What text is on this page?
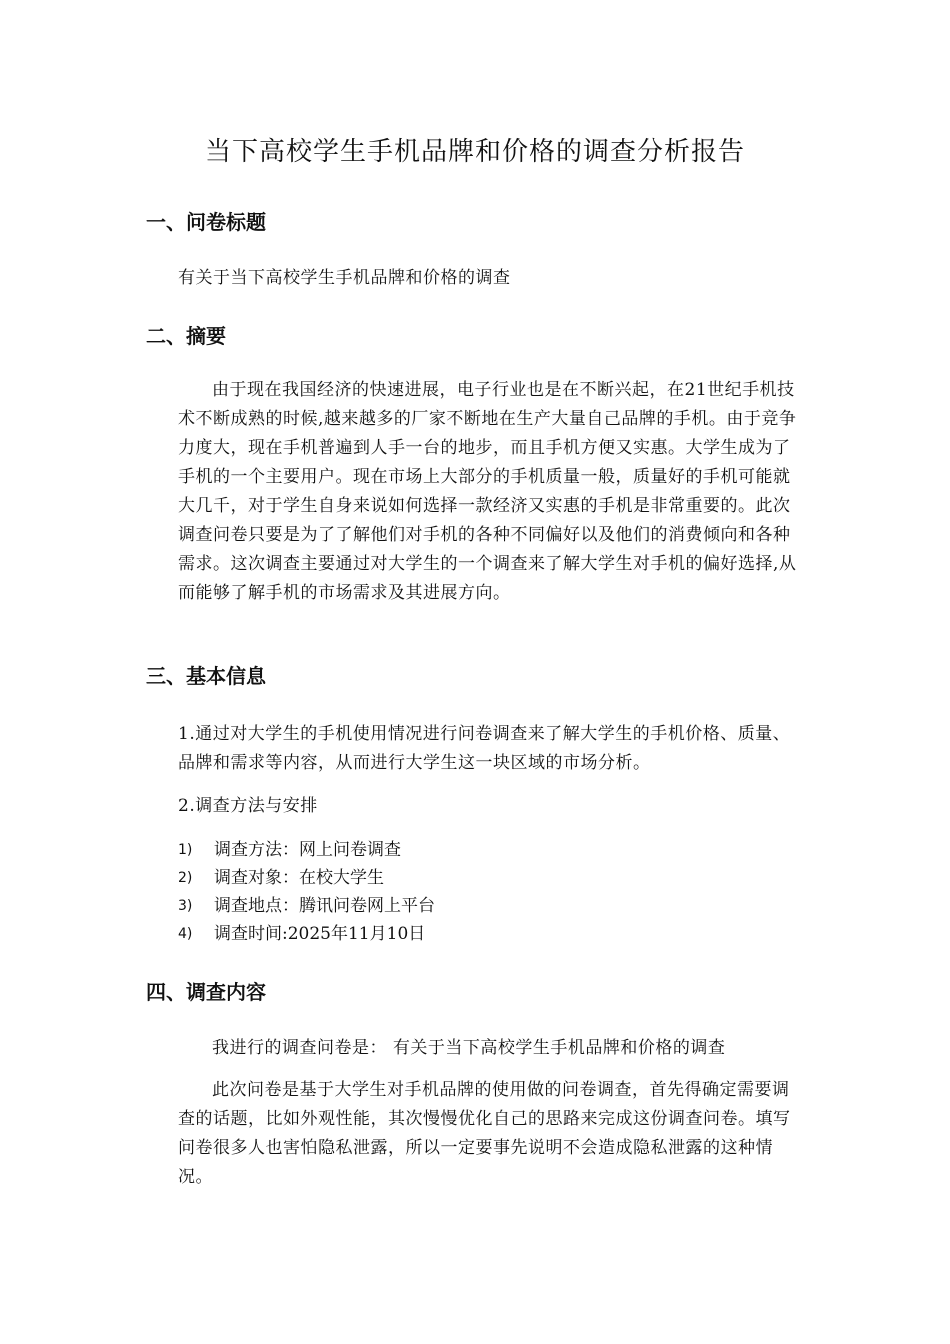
当下高校学生手机品牌和价格的调查分析报告
一、问卷标题

有关于当下高校学生手机品牌和价格的调查

二、摘要

由于现在我国经济的快速进展，电子行业也是在不断兴起，在21世纪手机技术不断成熟的时候,越来越多的厂家不断地在生产大量自己品牌的手机。由于竞争力度大，现在手机普遍到人手一台的地步，而且手机方便又实惠。大学生成为了手机的一个主要用户。现在市场上大部分的手机质量一般，质量好的手机可能就大几千，对于学生自身来说如何选择一款经济又实惠的手机是非常重要的。此次调查问卷只要是为了了解他们对手机的各种不同偏好以及他们的消费倾向和各种需求。这次调查主要通过对大学生的一个调查来了解大学生对手机的偏好选择,从而能够了解手机的市场需求及其进展方向。

三、基本信息

1.通过对大学生的手机使用情况进行问卷调查来了解大学生的手机价格、质量、品牌和需求等内容，从而进行大学生这一块区域的市场分析。

2.调查方法与安排

1)	调查方法：网上问卷调查
2)	调查对象：在校大学生
3)	调查地点：腾讯问卷网上平台
4)	调查时间:2025年11月10日
四、调查内容

我进行的调查问卷是： 有关于当下高校学生手机品牌和价格的调查

此次问卷是基于大学生对手机品牌的使用做的问卷调查，首先得确定需要调查的话题，比如外观性能，其次慢慢优化自己的思路来完成这份调查问卷。填写问卷很多人也害怕隐私泄露，所以一定要事先说明不会造成隐私泄露的这种情况。
